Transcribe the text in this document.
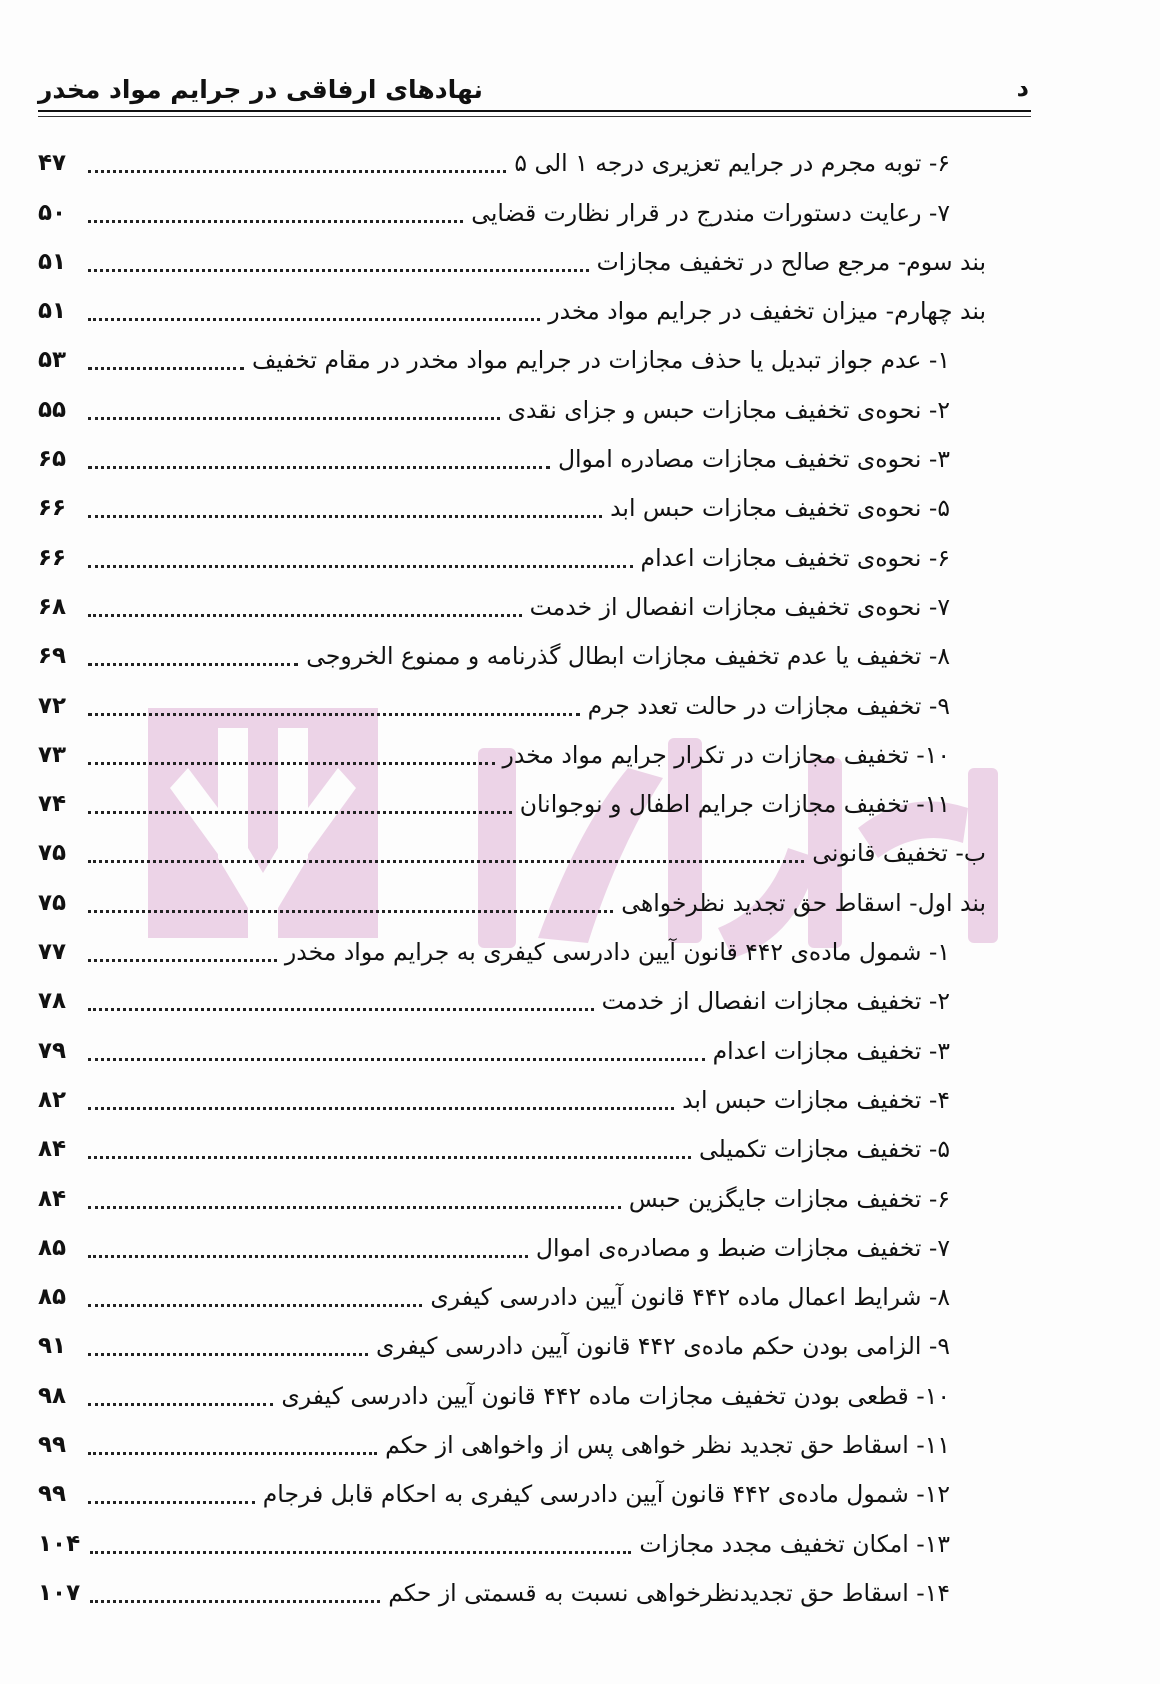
د
نهادهای ارفاقی در جرایم مواد مخدر
۶- توبه مجرم در جرایم تعزیری درجه ۱ الی ۵
۴۷
۷- رعایت دستورات مندرج در قرار نظارت قضایی
۵۰
بند سوم- مرجع صالح در تخفیف مجازات
۵۱
بند چهارم- میزان تخفیف در جرایم مواد مخدر
۵۱
۱- عدم جواز تبدیل یا حذف مجازات در جرایم مواد مخدر در مقام تخفیف
۵۳
۲- نحوه‌ی تخفیف مجازات حبس و جزای نقدی
۵۵
۳- نحوه‌ی تخفیف مجازات مصادره اموال
۶۵
۵- نحوه‌ی تخفیف مجازات حبس ابد
۶۶
۶- نحوه‌ی تخفیف مجازات اعدام
۶۶
۷- نحوه‌ی تخفیف مجازات انفصال از خدمت
۶۸
۸- تخفیف یا عدم تخفیف مجازات ابطال گذرنامه و ممنوع الخروجی
۶۹
۹- تخفیف مجازات در حالت تعدد جرم
۷۲
۱۰- تخفیف مجازات در تکرار جرایم مواد مخدر
۷۳
۱۱- تخفیف مجازات جرایم اطفال و نوجوانان
۷۴
ب- تخفیف قانونی
۷۵
بند اول- اسقاط حق تجدید نظرخواهی
۷۵
۱- شمول ماده‌ی ۴۴۲ قانون آیین دادرسی کیفری به جرایم مواد مخدر
۷۷
۲- تخفیف مجازات انفصال از خدمت
۷۸
۳- تخفیف مجازات اعدام
۷۹
۴- تخفیف مجازات حبس ابد
۸۲
۵- تخفیف مجازات تکمیلی
۸۴
۶- تخفیف مجازات جایگزین حبس
۸۴
۷- تخفیف مجازات ضبط و مصادره‌ی اموال
۸۵
۸- شرایط اعمال ماده ۴۴۲ قانون آیین دادرسی کیفری
۸۵
۹- الزامی بودن حکم ماده‌ی ۴۴۲ قانون آیین دادرسی کیفری
۹۱
۱۰- قطعی بودن تخفیف مجازات ماده ۴۴۲ قانون آیین دادرسی کیفری
۹۸
۱۱- اسقاط حق تجدید نظر خواهی پس از واخواهی از حکم
۹۹
۱۲- شمول ماده‌ی ۴۴۲ قانون آیین دادرسی کیفری به احکام قابل فرجام
۹۹
۱۳- امکان تخفیف مجدد مجازات
۱۰۴
۱۴- اسقاط حق تجدیدنظرخواهی نسبت به قسمتی از حکم
۱۰۷
